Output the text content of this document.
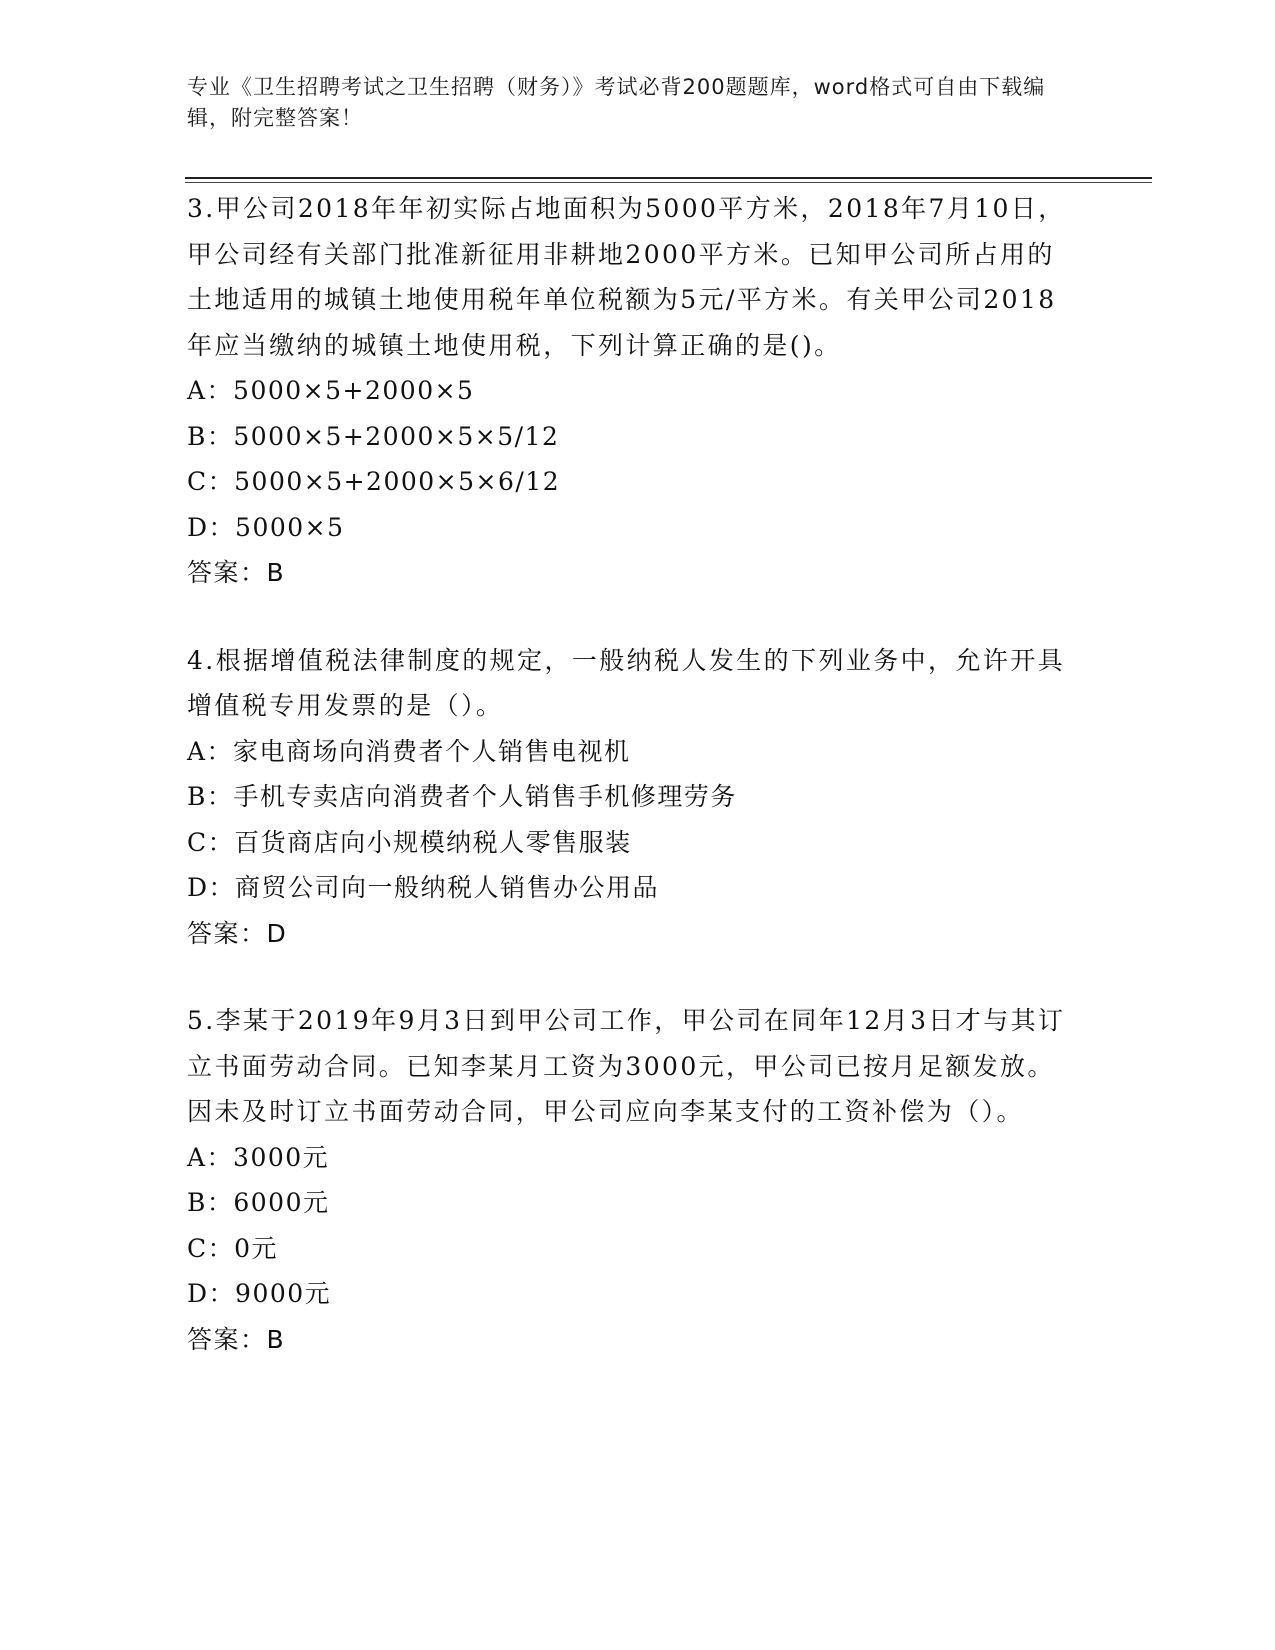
专业《卫生招聘考试之卫生招聘（财务）》考试必背200题题库，word格式可自由下载编辑，附完整答案！

3.甲公司2018年年初实际占地面积为5000平方米，2018年7月10日，甲公司经有关部门批准新征用非耕地2000平方米。已知甲公司所占用的土地适用的城镇土地使用税年单位税额为5元/平方米。有关甲公司2018年应当缴纳的城镇土地使用税，下列计算正确的是()。

A：5000×5+2000×5

B：5000×5+2000×5×5/12

C：5000×5+2000×5×6/12

D：5000×5

答案：B

4.根据增值税法律制度的规定，一般纳税人发生的下列业务中，允许开具增值税专用发票的是（）。

A：家电商场向消费者个人销售电视机

B：手机专卖店向消费者个人销售手机修理劳务

C：百货商店向小规模纳税人零售服装

D：商贸公司向一般纳税人销售办公用品

答案：D

5.李某于2019年9月3日到甲公司工作，甲公司在同年12月3日才与其订立书面劳动合同。已知李某月工资为3000元，甲公司已按月足额发放。因未及时订立书面劳动合同，甲公司应向李某支付的工资补偿为（）。

A：3000元

B：6000元

C：0元

D：9000元

答案：B
